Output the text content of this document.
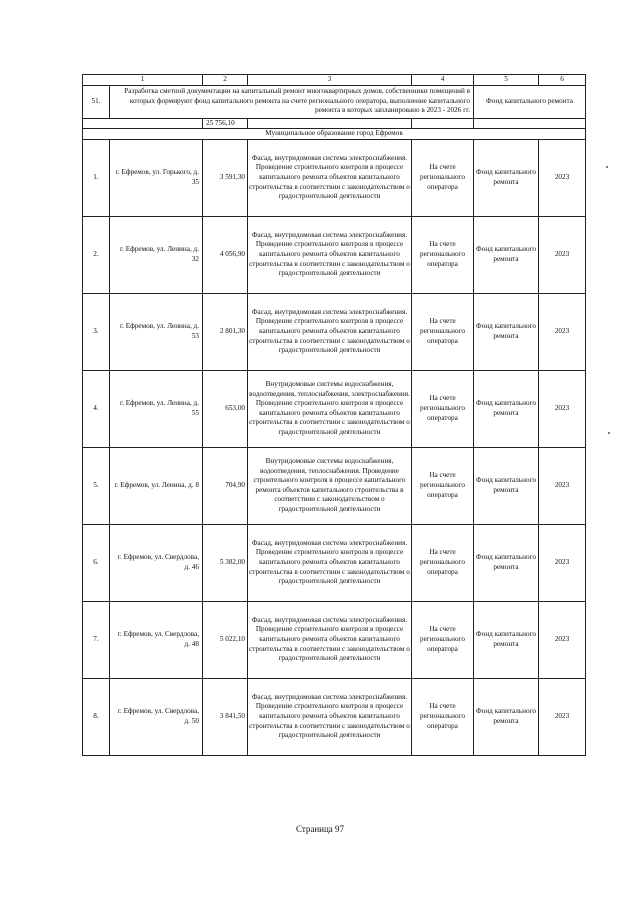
1		2	3	4	5	6
51.	Разработка сметной документации на капитальный ремонт многоквартирных домов, собственники помещений в которых формируют фонд капитального ремонта на счете регионального оператора, выполнение капитального ремонта в которых запланировано в 2023 - 2026 гг.				Фонд капитального ремонта	
		25 756,10				
Муниципальное образование город Ефремов						
1.	г. Ефремов, ул. Горького, д. 35	3 591,30	Фасад, внутридомовая система электроснабжения. Проведение строительного контроля в процессе капитального ремонта объектов капитального строительства в соответствии с законодательством о градостроительной деятельности	На счете регионального оператора	Фонд капитального ремонта	2023
2.	г. Ефремов, ул. Ленина, д. 32	4 056,90	Фасад, внутридомовая система электроснабжения. Проведение строительного контроля в процессе капитального ремонта объектов капитального строительства в соответствии с законодательством о градостроительной деятельности	На счете регионального оператора	Фонд капитального ремонта	2023
3.	г. Ефремов, ул. Ленина, д. 53	2 801,30	Фасад, внутридомовая система электроснабжения. Проведение строительного контроля в процессе капитального ремонта объектов капитального строительства в соответствии с законодательством о градостроительной деятельности	На счете регионального оператора	Фонд капитального ремонта	2023
4.	г. Ефремов, ул. Ленина, д. 55	653,00	Внутридомовые системы водоснабжения, водоотведения, теплоснабжения, электроснабжения. Проведение строительного контроля в процессе капитального ремонта объектов капитального строительства в соответствии с законодательством о градостроительной деятельности	На счете регионального оператора	Фонд капитального ремонта	2023
5.	г. Ефремов, ул. Ленина, д. 8	704,90	Внутридомовые системы водоснабжения, водоотведения, теплоснабжения. Проведение строительного контроля в процессе капитального ремонта объектов капитального строительства в соответствии с законодательством о градостроительной деятельности	На счете регионального оператора	Фонд капитального ремонта	2023
6.	г. Ефремов, ул. Свердлова, д. 46	5 382,00	Фасад, внутридомовая система электроснабжения. Проведение строительного контроля в процессе капитального ремонта объектов капитального строительства в соответствии с законодательством о градостроительной деятельности	На счете регионального оператора	Фонд капитального ремонта	2023
7.	г. Ефремов, ул. Свердлова, д. 48	5 022,10	Фасад, внутридомовая система электроснабжения. Проведение строительного контроля в процессе капитального ремонта объектов капитального строительства в соответствии с законодательством о градостроительной деятельности	На счете регионального оператора	Фонд капитального ремонта	2023
8.	г. Ефремов, ул. Свердлова, д. 50	3 841,50	Фасад, внутридомовая система электроснабжения. Проведение строительного контроля в процессе капитального ремонта объектов капитального строительства в соответствии с законодательством о градостроительной деятельности	На счете регионального оператора	Фонд капитального ремонта	2023
Страница 97
